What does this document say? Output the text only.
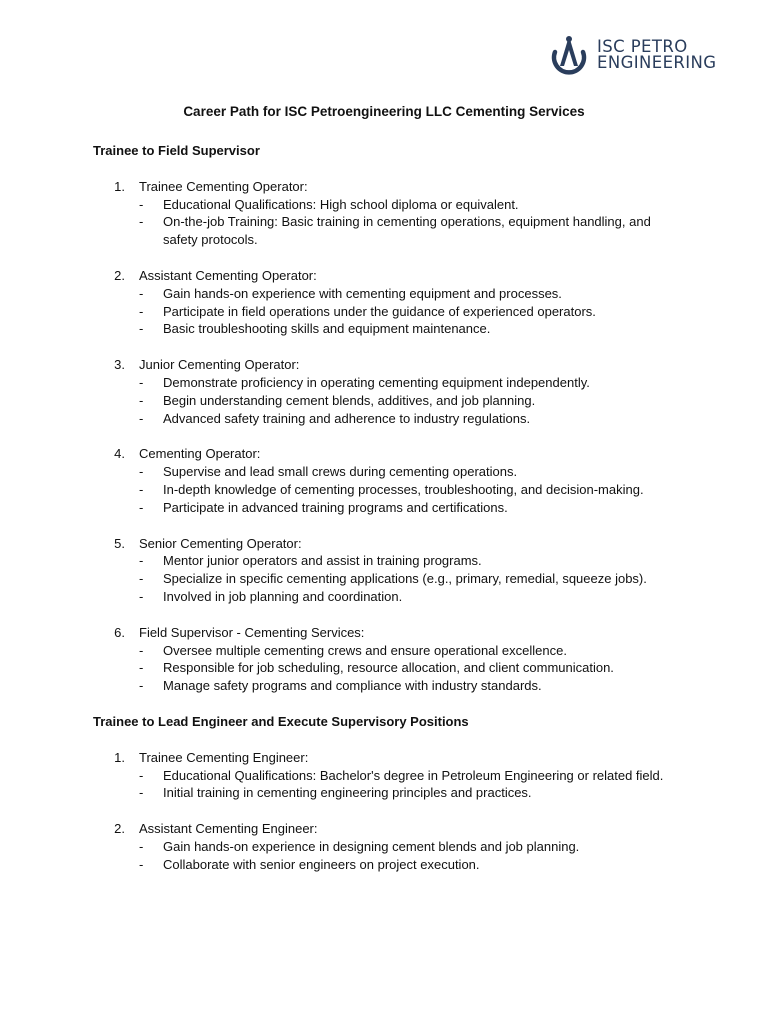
ISC PETRO
ENGINEERING
Career Path for ISC Petroengineering LLC Cementing Services
Trainee to Field Supervisor
1. Trainee Cementing Operator:
-	Educational Qualifications: High school diploma or equivalent.
-	On-the-job Training: Basic training in cementing operations, equipment handling, and safety protocols.
2. Assistant Cementing Operator:
-	Gain hands-on experience with cementing equipment and processes.
-	Participate in field operations under the guidance of experienced operators.
-	Basic troubleshooting skills and equipment maintenance.
3. Junior Cementing Operator:
-	Demonstrate proficiency in operating cementing equipment independently.
-	Begin understanding cement blends, additives, and job planning.
-	Advanced safety training and adherence to industry regulations.
4. Cementing Operator:
-	Supervise and lead small crews during cementing operations.
-	In-depth knowledge of cementing processes, troubleshooting, and decision-making.
-	Participate in advanced training programs and certifications.
5. Senior Cementing Operator:
-	Mentor junior operators and assist in training programs.
-	Specialize in specific cementing applications (e.g., primary, remedial, squeeze jobs).
-	Involved in job planning and coordination.
6. Field Supervisor - Cementing Services:
-	Oversee multiple cementing crews and ensure operational excellence.
-	Responsible for job scheduling, resource allocation, and client communication.
-	Manage safety programs and compliance with industry standards.
Trainee to Lead Engineer and Execute Supervisory Positions
1. Trainee Cementing Engineer:
-	Educational Qualifications: Bachelor's degree in Petroleum Engineering or related field.
-	Initial training in cementing engineering principles and practices.
2. Assistant Cementing Engineer:
-	Gain hands-on experience in designing cement blends and job planning.
-	Collaborate with senior engineers on project execution.
